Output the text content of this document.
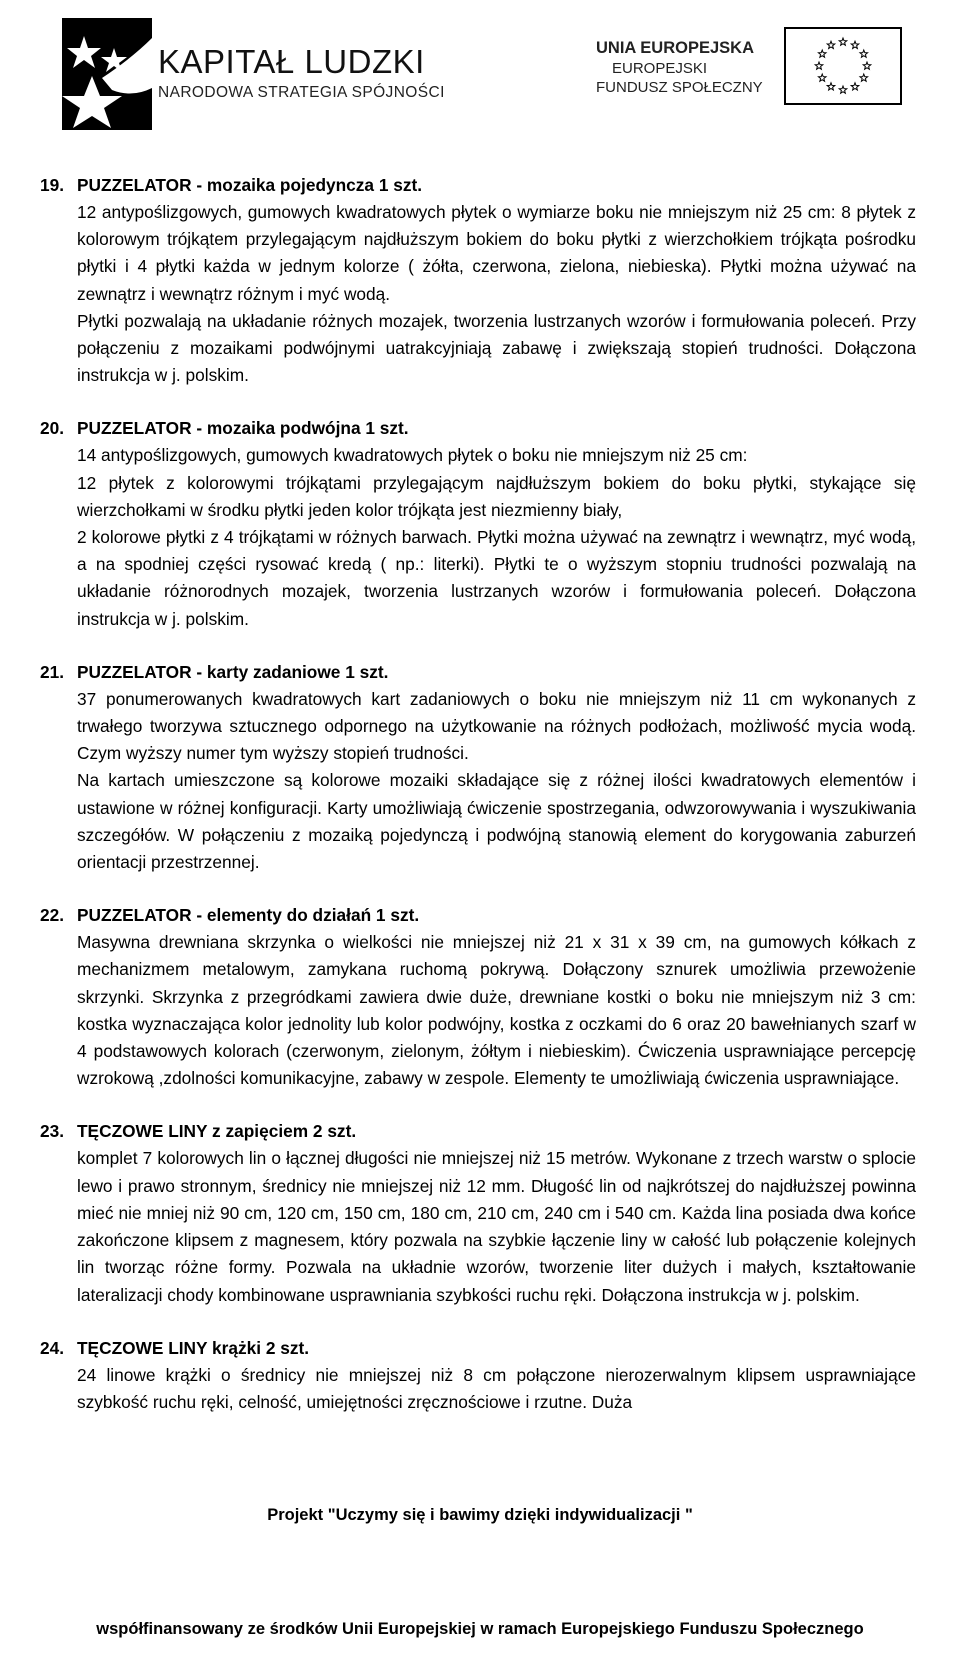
KAPITAŁ LUDZKI
NARODOWA STRATEGIA SPÓJNOŚCI
UNIA EUROPEJSKA
EUROPEJSKI
FUNDUSZ SPOŁECZNY
19. PUZZELATOR - mozaika pojedyncza 1 szt.

12 antypoślizgowych, gumowych kwadratowych płytek o wymiarze boku nie mniejszym niż 25 cm: 8 płytek z kolorowym trójkątem przylegającym najdłuższym bokiem do boku płytki z wierzchołkiem trójkąta pośrodku płytki i 4 płytki każda w jednym kolorze ( żółta, czerwona, zielona, niebieska). Płytki można używać na zewnątrz i wewnątrz różnym i myć wodą.

Płytki pozwalają na układanie różnych mozajek, tworzenia lustrzanych wzorów i formułowania poleceń. Przy połączeniu z mozaikami podwójnymi uatrakcyjniają zabawę i zwiększają stopień trudności. Dołączona instrukcja w j. polskim.

20. PUZZELATOR - mozaika podwójna 1 szt.

14 antypoślizgowych, gumowych kwadratowych płytek o boku nie mniejszym niż 25 cm:

12 płytek z kolorowymi trójkątami przylegającym najdłuższym bokiem do boku płytki, stykające się wierzchołkami w środku płytki jeden kolor trójkąta jest niezmienny biały,

2 kolorowe płytki z 4 trójkątami w różnych barwach. Płytki można używać na zewnątrz i wewnątrz, myć wodą, a na spodniej części rysować kredą ( np.: literki). Płytki te o wyższym stopniu trudności pozwalają na układanie różnorodnych mozajek, tworzenia lustrzanych wzorów i formułowania poleceń. Dołączona instrukcja w j. polskim.

21. PUZZELATOR - karty zadaniowe 1 szt.

37 ponumerowanych kwadratowych kart zadaniowych o boku nie mniejszym niż 11 cm wykonanych z trwałego tworzywa sztucznego odpornego na użytkowanie na różnych podłożach, możliwość mycia wodą. Czym wyższy numer tym wyższy stopień trudności.

Na kartach umieszczone są kolorowe mozaiki składające się z różnej ilości kwadratowych elementów i ustawione w różnej konfiguracji. Karty umożliwiają ćwiczenie spostrzegania, odwzorowywania i wyszukiwania szczegółów. W połączeniu z mozaiką pojedynczą i podwójną stanowią element do korygowania zaburzeń orientacji przestrzennej.

22. PUZZELATOR - elementy do działań 1 szt.

Masywna drewniana skrzynka o wielkości nie mniejszej niż 21 x 31 x 39 cm, na gumowych kółkach z mechanizmem metalowym, zamykana ruchomą pokrywą. Dołączony sznurek umożliwia przewożenie skrzynki. Skrzynka z przegródkami zawiera dwie duże, drewniane kostki o boku nie mniejszym niż 3 cm: kostka wyznaczająca kolor jednolity lub kolor podwójny, kostka z oczkami do 6 oraz 20 bawełnianych szarf w 4 podstawowych kolorach (czerwonym, zielonym, żółtym i niebieskim). Ćwiczenia usprawniające percepcję wzrokową ,zdolności komunikacyjne, zabawy w zespole. Elementy te umożliwiają ćwiczenia usprawniające.

23. TĘCZOWE LINY z zapięciem 2 szt.

komplet 7 kolorowych lin o łącznej długości nie mniejszej niż 15 metrów. Wykonane z trzech warstw o splocie lewo i prawo stronnym, średnicy nie mniejszej niż 12 mm. Długość lin od najkrótszej do najdłuższej powinna mieć nie mniej niż 90 cm, 120 cm, 150 cm, 180 cm, 210 cm, 240 cm i 540 cm. Każda lina posiada dwa końce zakończone klipsem z magnesem, który pozwala na szybkie łączenie liny w całość lub połączenie kolejnych lin tworząc różne formy. Pozwala na układnie wzorów, tworzenie liter dużych i małych, kształtowanie lateralizacji chody kombinowane usprawniania szybkości ruchu ręki. Dołączona instrukcja w j. polskim.

24. TĘCZOWE LINY krążki 2 szt.

24 linowe krążki o średnicy nie mniejszej niż 8 cm połączone nierozerwalnym klipsem usprawniające szybkość ruchu ręki, celność, umiejętności zręcznościowe i rzutne. Duża

Projekt "Uczymy się i bawimy dzięki indywidualizacji "
współfinansowany ze środków Unii Europejskiej w ramach Europejskiego Funduszu Społecznego
